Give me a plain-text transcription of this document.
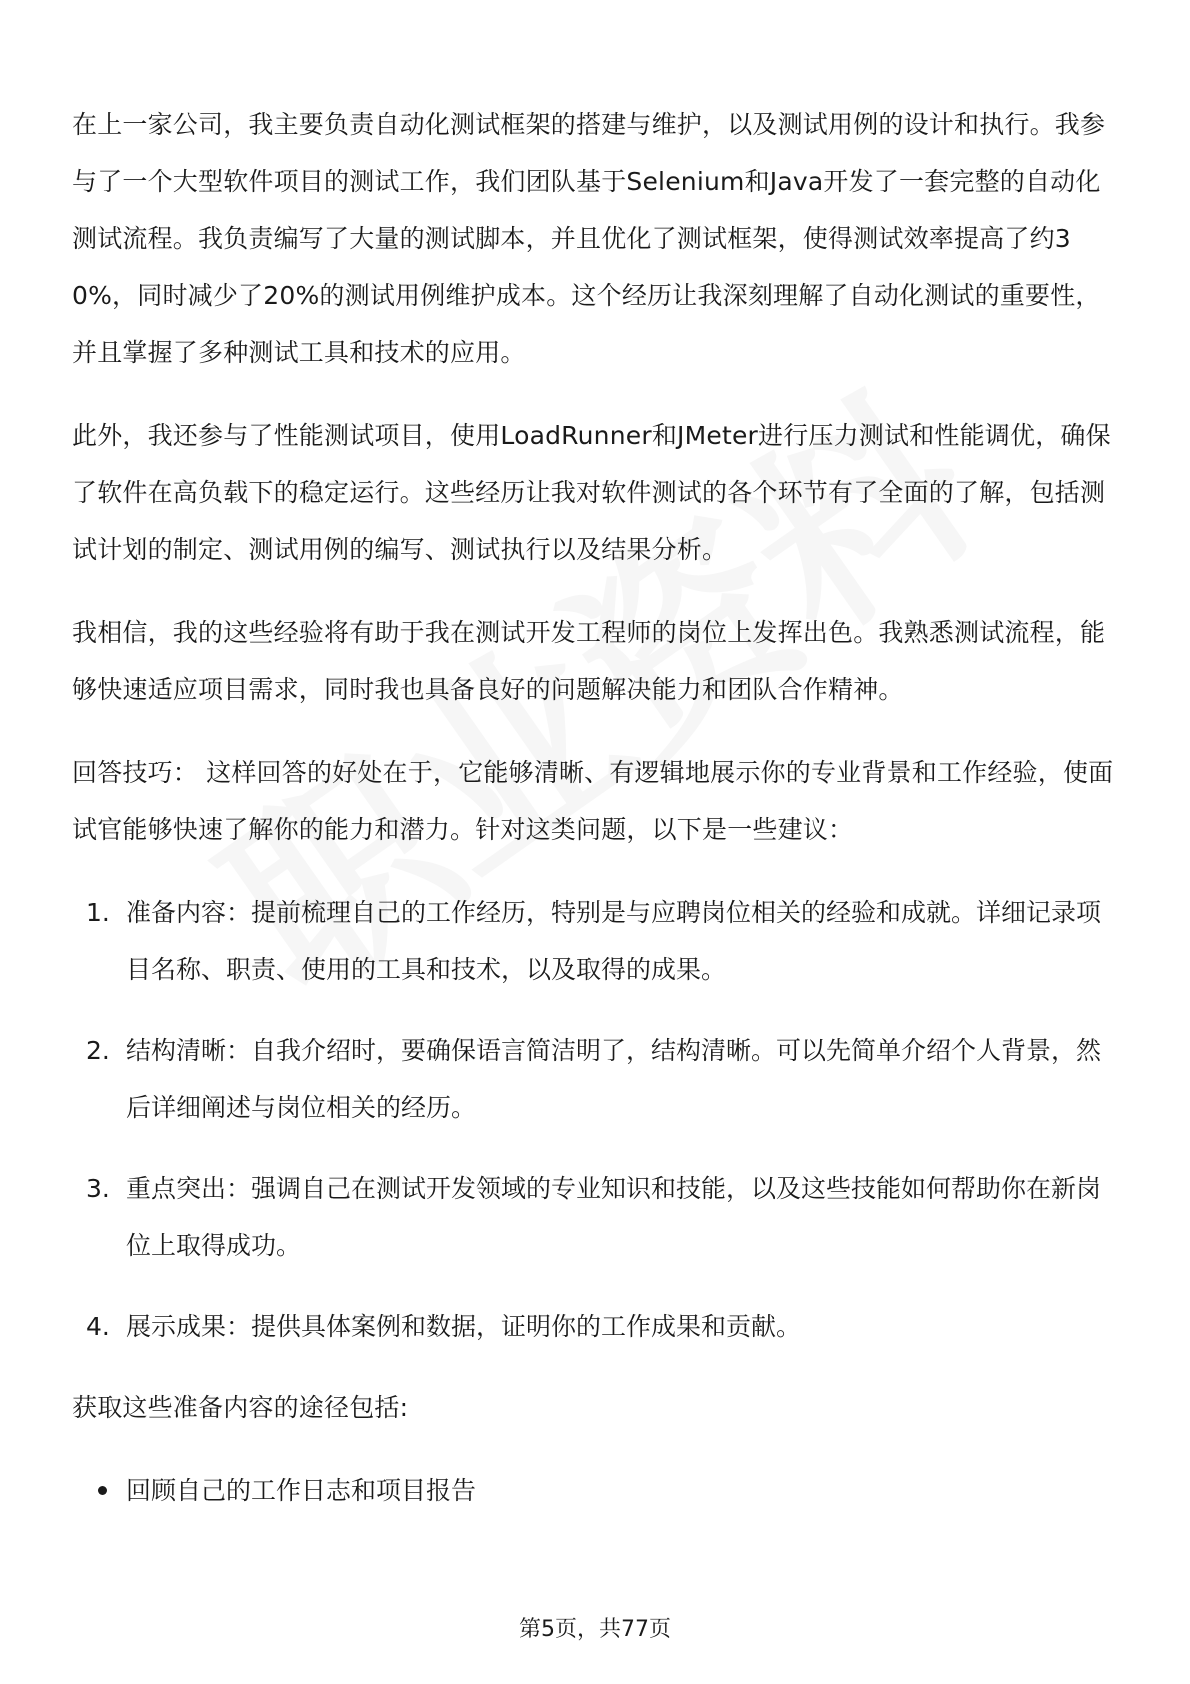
在上一家公司，我主要负责自动化测试框架的搭建与维护，以及测试用例的设计和执行。我参与了一个大型软件项目的测试工作，我们团队基于Selenium和Java开发了一套完整的自动化测试流程。我负责编写了大量的测试脚本，并且优化了测试框架，使得测试效率提高了约30%，同时减少了20%的测试用例维护成本。这个经历让我深刻理解了自动化测试的重要性，并且掌握了多种测试工具和技术的应用。

此外，我还参与了性能测试项目，使用LoadRunner和JMeter进行压力测试和性能调优，确保了软件在高负载下的稳定运行。这些经历让我对软件测试的各个环节有了全面的了解，包括测试计划的制定、测试用例的编写、测试执行以及结果分析。

我相信，我的这些经验将有助于我在测试开发工程师的岗位上发挥出色。我熟悉测试流程，能够快速适应项目需求，同时我也具备良好的问题解决能力和团队合作精神。

回答技巧： 这样回答的好处在于，它能够清晰、有逻辑地展示你的专业背景和工作经验，使面试官能够快速了解你的能力和潜力。针对这类问题，以下是一些建议：

1. 准备内容：提前梳理自己的工作经历，特别是与应聘岗位相关的经验和成就。详细记录项目名称、职责、使用的工具和技术，以及取得的成果。
2. 结构清晰：自我介绍时，要确保语言简洁明了，结构清晰。可以先简单介绍个人背景，然后详细阐述与岗位相关的经历。
3. 重点突出：强调自己在测试开发领域的专业知识和技能，以及这些技能如何帮助你在新岗位上取得成功。
4. 展示成果：提供具体案例和数据，证明你的工作成果和贡献。

获取这些准备内容的途径包括:

回顾自己的工作日志和项目报告
第5页，共77页
